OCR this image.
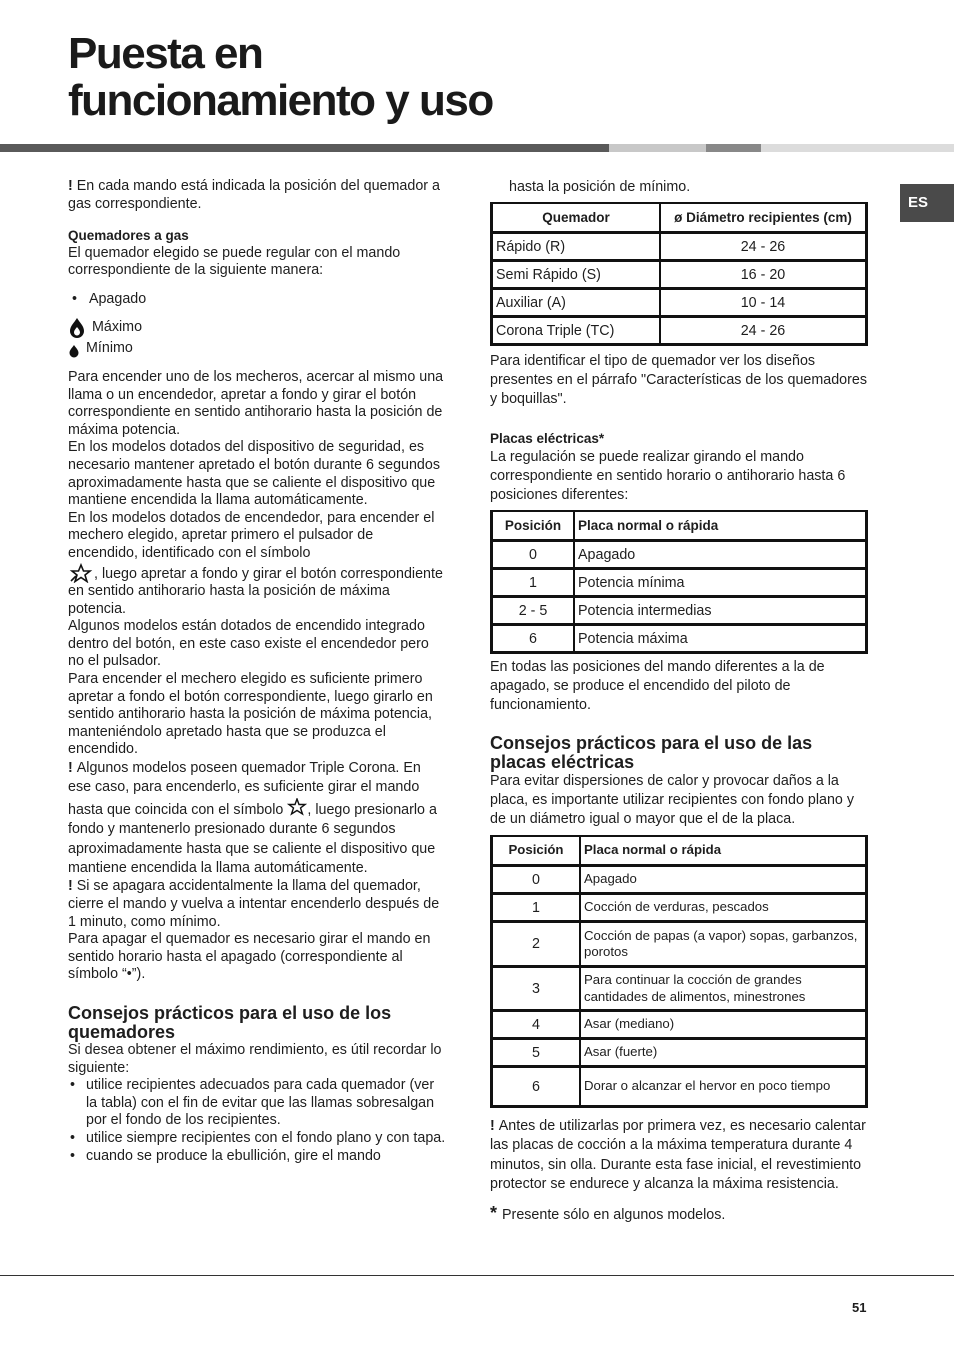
Puesta en
funcionamiento y uso
ES

! En cada mando está indicada la posición del quemador a gas correspondiente.

Quemadores a gas

El quemador elegido se puede regular con el mando correspondiente de la siguiente manera:

• Apagado
Máximo
Mínimo

Para encender uno de los mecheros, acercar al mismo una llama o un encendedor, apretar a fondo y girar el botón correspondiente en sentido antihorario hasta la posición de máxima potencia.

En los modelos dotados del dispositivo de seguridad, es necesario mantener apretado el botón durante 6 segundos aproximadamente hasta que se caliente el dispositivo que mantiene encendida la llama automáticamente.

En los modelos dotados de encendedor, para encender el mechero elegido, apretar primero el pulsador de encendido, identificado con el símbolo
, luego apretar a fondo y girar el botón correspondiente en sentido antihorario hasta la posición de máxima potencia.

Algunos modelos están dotados de encendido integrado dentro del botón, en este caso existe el encendedor pero no el pulsador.

Para encender el mechero elegido es suficiente primero apretar a fondo el botón correspondiente, luego girarlo en sentido antihorario hasta la posición de máxima potencia, manteniéndolo apretado hasta que se produzca el encendido.

! Algunos modelos poseen quemador Triple Corona. En ese caso, para encenderlo, es suficiente girar el mando hasta que coincida con el símbolo , luego presionarlo a fondo y mantenerlo presionado durante 6 segundos aproximadamente hasta que se caliente el dispositivo que mantiene encendida la llama automáticamente.

! Si se apagara accidentalmente la llama del quemador, cierre el mando y vuelva a intentar encenderlo después de 1 minuto, como mínimo.

Para apagar el quemador es necesario girar el mando en sentido horario hasta el apagado (correspondiente al símbolo “•”).

Consejos prácticos para el uso de los quemadores

Si desea obtener el máximo rendimiento, es útil recordar lo siguiente:

• utilice recipientes adecuados para cada quemador (ver la tabla) con el fin de evitar que las llamas sobresalgan por el fondo de los recipientes.
• utilice siempre recipientes con el fondo plano y con tapa.
• cuando se produce la ebullición, gire el mando
hasta la posición de mínimo.
Quemador	ø Diámetro recipientes (cm)
Rápido (R)	24 - 26
Semi Rápido (S)	16 - 20
Auxiliar (A)	10 - 14
Corona Triple (TC)	24 - 26

Para identificar el tipo de quemador ver los diseños presentes en el párrafo "Características de los quemadores y boquillas".

Placas eléctricas*

La regulación se puede realizar girando el mando correspondiente en sentido horario o antihorario hasta 6 posiciones diferentes:

Posición	Placa normal o rápida
0	Apagado
1	Potencia mínima
2 - 5	Potencia intermedias
6	Potencia máxima

En todas las posiciones del mando diferentes a la de apagado, se produce el encendido del piloto de funcionamiento.

Consejos prácticos para el uso de las placas eléctricas

Para evitar dispersiones de calor y provocar daños a la placa, es importante utilizar recipientes con fondo plano y de un diámetro igual o mayor que el de la placa.

Posición	Placa normal o rápida
0	Apagado
1	Cocción de verduras, pescados
2	Cocción de papas (a vapor) sopas, garbanzos, porotos
3	Para continuar la cocción de grandes cantidades de alimentos, minestrones
4	Asar (mediano)
5	Asar (fuerte)
6	Dorar o alcanzar el hervor en poco tiempo

! Antes de utilizarlas por primera vez, es necesario calentar las placas de cocción a la máxima temperatura durante 4 minutos, sin olla. Durante esta fase inicial, el revestimiento protector se endurece y alcanza la máxima resistencia.

* Presente sólo en algunos modelos.

51
